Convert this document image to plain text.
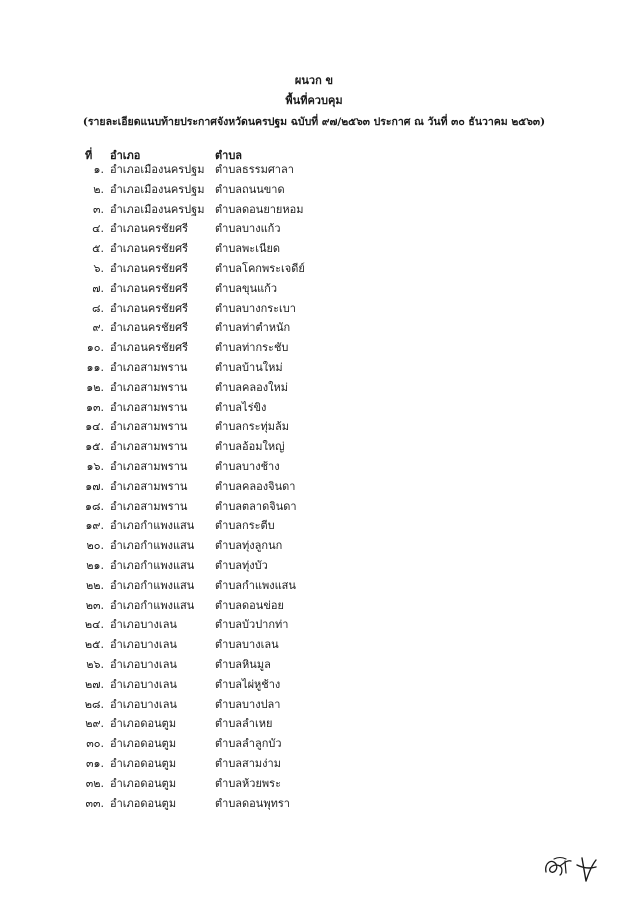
ผนวก ข
พื้นที่ควบคุม
(รายละเอียดแนบท้ายประกาศจังหวัดนครปฐม ฉบับที่ ๙๗/๒๕๖๓ ประกาศ ณ วันที่ ๓๐ ธันวาคม ๒๕๖๓)
ที่ อำเภอ	ตำบล
๑. อำเภอเมืองนครปฐม ตำบลธรรมศาลา
๒. อำเภอเมืองนครปฐม ตำบลถนนขาด
๓. อำเภอเมืองนครปฐม ตำบลดอนยายหอม
๔. อำเภอนครชัยศรี ตำบลบางแก้ว
๕. อำเภอนครชัยศรี ตำบลพะเนียด
๖. อำเภอนครชัยศรี ตำบลโคกพระเจดีย์
๗. อำเภอนครชัยศรี ตำบลขุนแก้ว
๘. อำเภอนครชัยศรี ตำบลบางกระเบา
๙. อำเภอนครชัยศรี ตำบลท่าตำหนัก
๑๐. อำเภอนครชัยศรี ตำบลท่ากระชับ
๑๑. อำเภอสามพราน	ตำบลบ้านใหม่
๑๒. อำเภอสามพราน	ตำบลคลองใหม่
๑๓. อำเภอสามพราน	ตำบลไร่ขิง
๑๔. อำเภอสามพราน	ตำบลกระทุ่มล้ม
๑๕. อำเภอสามพราน	ตำบลอ้อมใหญ่
๑๖. อำเภอสามพราน	ตำบลบางช้าง
๑๗. อำเภอสามพราน	ตำบลคลองจินดา
๑๘. อำเภอสามพราน	ตำบลตลาดจินดา
๑๙. อำเภอกำแพงแสน ตำบลกระตีบ
๒๐. อำเภอกำแพงแสน ตำบลทุ่งลูกนก
๒๑. อำเภอกำแพงแสน ตำบลทุ่งบัว
๒๒. อำเภอกำแพงแสน ตำบลกำแพงแสน
๒๓. อำเภอกำแพงแสน ตำบลดอนข่อย
๒๔. อำเภอบางเลน	ตำบลบัวปากท่า
๒๕. อำเภอบางเลน	ตำบลบางเลน
๒๖. อำเภอบางเลน	ตำบลหินมูล
๒๗. อำเภอบางเลน	ตำบลไผ่หูช้าง
๒๘. อำเภอบางเลน	ตำบลบางปลา
๒๙. อำเภอดอนตูม	ตำบลลำเหย
๓๐. อำเภอดอนตูม	ตำบลลำลูกบัว
๓๑. อำเภอดอนตูม	ตำบลสามง่าม
๓๒. อำเภอดอนตูม	ตำบลห้วยพระ
๓๓. อำเภอดอนตูม	ตำบลดอนพุทรา
